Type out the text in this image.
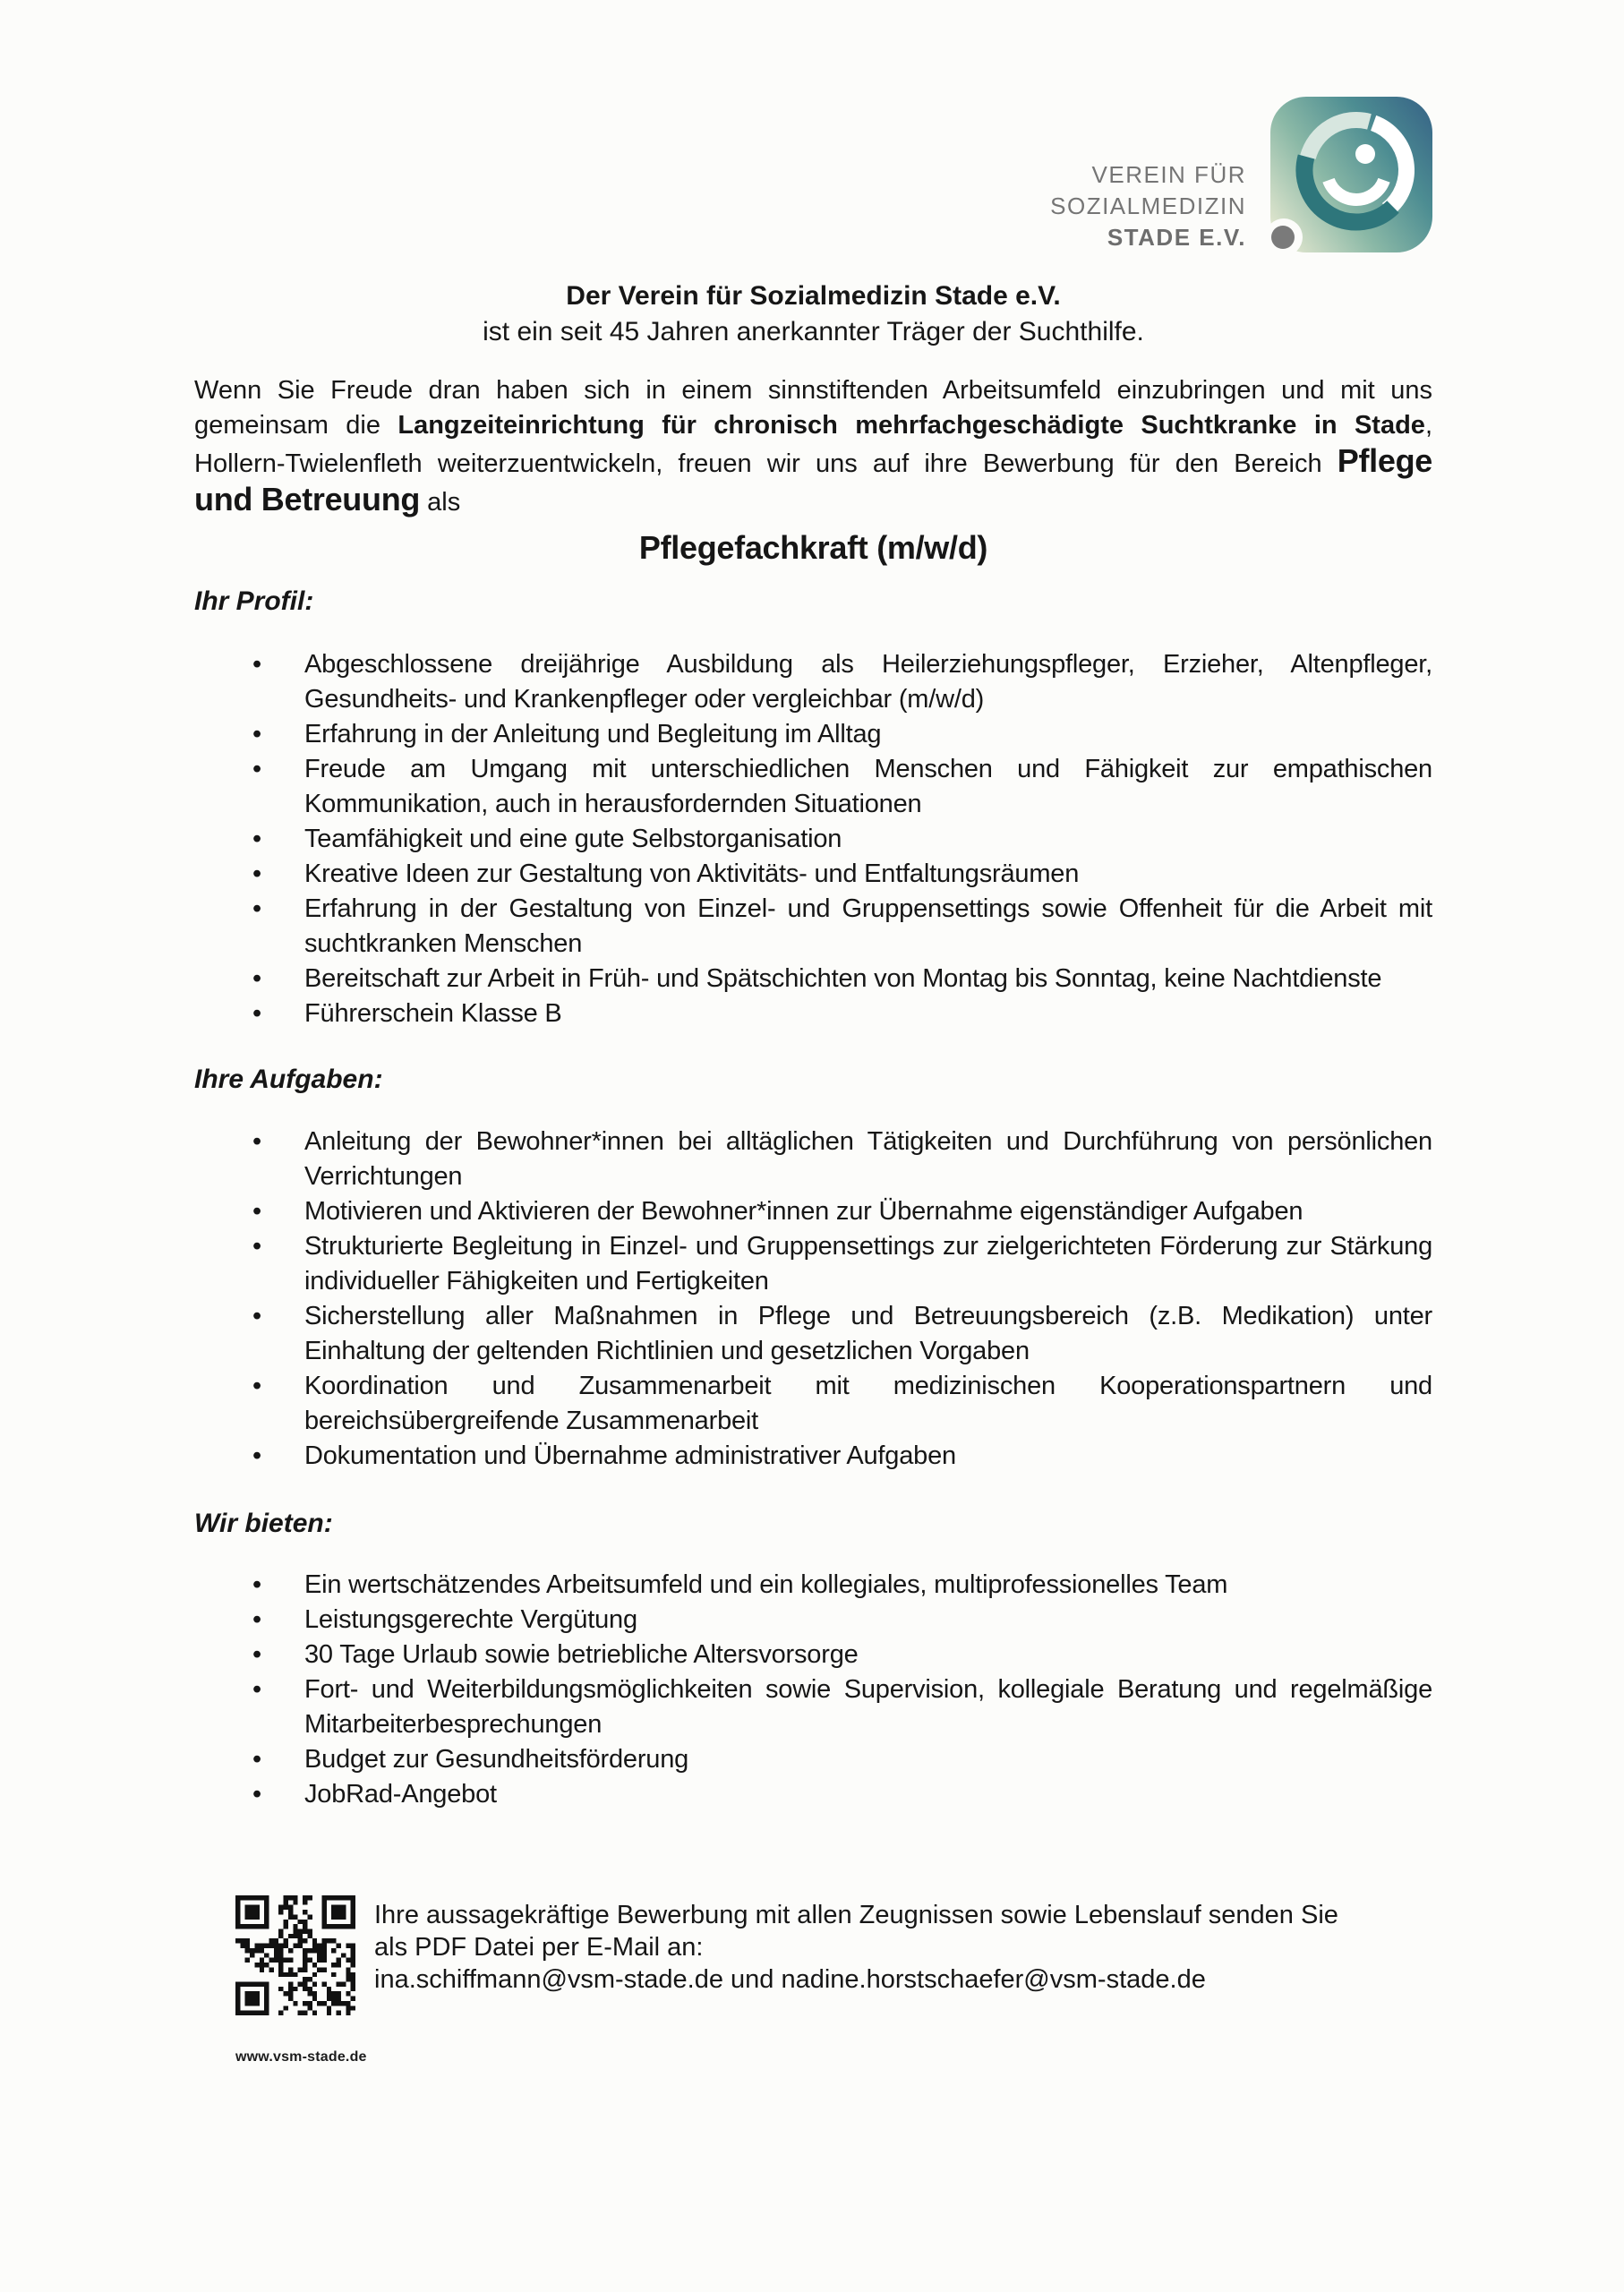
VEREIN FÜR
SOZIALMEDIZIN
STADE E.V.
Der Verein für Sozialmedizin Stade e.V.
ist ein seit 45 Jahren anerkannter Träger der Suchthilfe.
Wenn Sie Freude dran haben sich in einem sinnstiftenden Arbeitsumfeld einzubringen und mit uns
gemeinsam die Langzeiteinrichtung für chronisch mehrfachgeschädigte Suchtkranke in Stade,
Hollern-Twielenfleth weiterzuentwickeln, freuen wir uns auf ihre Bewerbung für den Bereich Pflege
und Betreuung als
Pflegefachkraft (m/w/d)
Ihr Profil:
• Abgeschlossene dreijährige Ausbildung als Heilerziehungspfleger, Erzieher, Altenpfleger, Gesundheits- und Krankenpfleger oder vergleichbar (m/w/d)
• Erfahrung in der Anleitung und Begleitung im Alltag
• Freude am Umgang mit unterschiedlichen Menschen und Fähigkeit zur empathischen Kommunikation, auch in herausfordernden Situationen
• Teamfähigkeit und eine gute Selbstorganisation
• Kreative Ideen zur Gestaltung von Aktivitäts- und Entfaltungsräumen
• Erfahrung in der Gestaltung von Einzel- und Gruppensettings sowie Offenheit für die Arbeit mit suchtkranken Menschen
• Bereitschaft zur Arbeit in Früh- und Spätschichten von Montag bis Sonntag, keine Nachtdienste
• Führerschein Klasse B
Ihre Aufgaben:
• Anleitung der Bewohner*innen bei alltäglichen Tätigkeiten und Durchführung von persönlichen Verrichtungen
• Motivieren und Aktivieren der Bewohner*innen zur Übernahme eigenständiger Aufgaben
• Strukturierte Begleitung in Einzel- und Gruppensettings zur zielgerichteten Förderung zur Stärkung individueller Fähigkeiten und Fertigkeiten
• Sicherstellung aller Maßnahmen in Pflege und Betreuungsbereich (z.B. Medikation) unter Einhaltung der geltenden Richtlinien und gesetzlichen Vorgaben
• Koordination und Zusammenarbeit mit medizinischen Kooperationspartnern und bereichsübergreifende Zusammenarbeit
• Dokumentation und Übernahme administrativer Aufgaben
Wir bieten:
• Ein wertschätzendes Arbeitsumfeld und ein kollegiales, multiprofessionelles Team
• Leistungsgerechte Vergütung
• 30 Tage Urlaub sowie betriebliche Altersvorsorge
• Fort- und Weiterbildungsmöglichkeiten sowie Supervision, kollegiale Beratung und regelmäßige Mitarbeiterbesprechungen
• Budget zur Gesundheitsförderung
• JobRad-Angebot
www.vsm-stade.de
Ihre aussagekräftige Bewerbung mit allen Zeugnissen sowie Lebenslauf senden Sie
als PDF Datei per E-Mail an:
ina.schiffmann@vsm-stade.de und nadine.horstschaefer@vsm-stade.de
